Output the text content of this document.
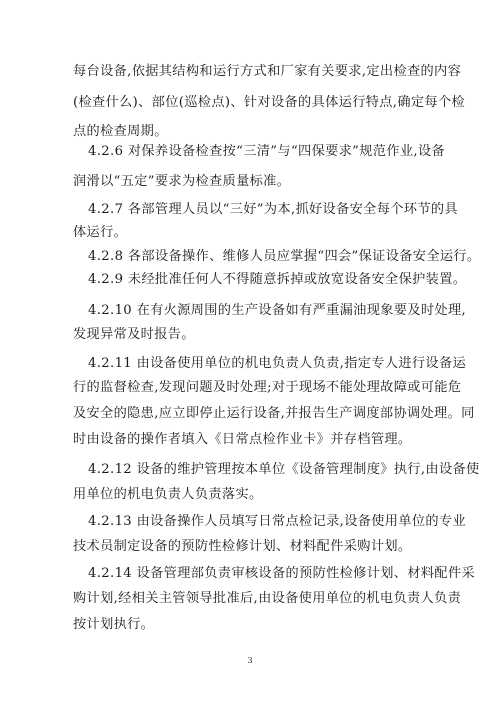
每台设备,依据其结构和运行方式和厂家有关要求,定出检查的内容
(检查什么)、部位(巡检点)、针对设备的具体运行特点,确定每个检
点的检查周期。
4.2.6 对保养设备检查按“三清”与“四保要求”规范作业,设备
润滑以“五定”要求为检查质量标准。
4.2.7 各部管理人员以“三好”为本,抓好设备安全每个环节的具
体运行。
4.2.8 各部设备操作、维修人员应掌握“四会”保证设备安全运行。
4.2.9 未经批准任何人不得随意拆掉或放宽设备安全保护装置。
4.2.10 在有火源周围的生产设备如有严重漏油现象要及时处理,
发现异常及时报告。
4.2.11 由设备使用单位的机电负责人负责,指定专人进行设备运
行的监督检查,发现问题及时处理;对于现场不能处理故障或可能危
及安全的隐患,应立即停止运行设备,并报告生产调度部协调处理。同
时由设备的操作者填入《日常点检作业卡》并存档管理。
4.2.12 设备的维护管理按本单位《设备管理制度》执行,由设备使
用单位的机电负责人负责落实。
4.2.13 由设备操作人员填写日常点检记录,设备使用单位的专业
技术员制定设备的预防性检修计划、材料配件采购计划。
4.2.14 设备管理部负责审核设备的预防性检修计划、材料配件采
购计划,经相关主管领导批准后,由设备使用单位的机电负责人负责
按计划执行。
3
